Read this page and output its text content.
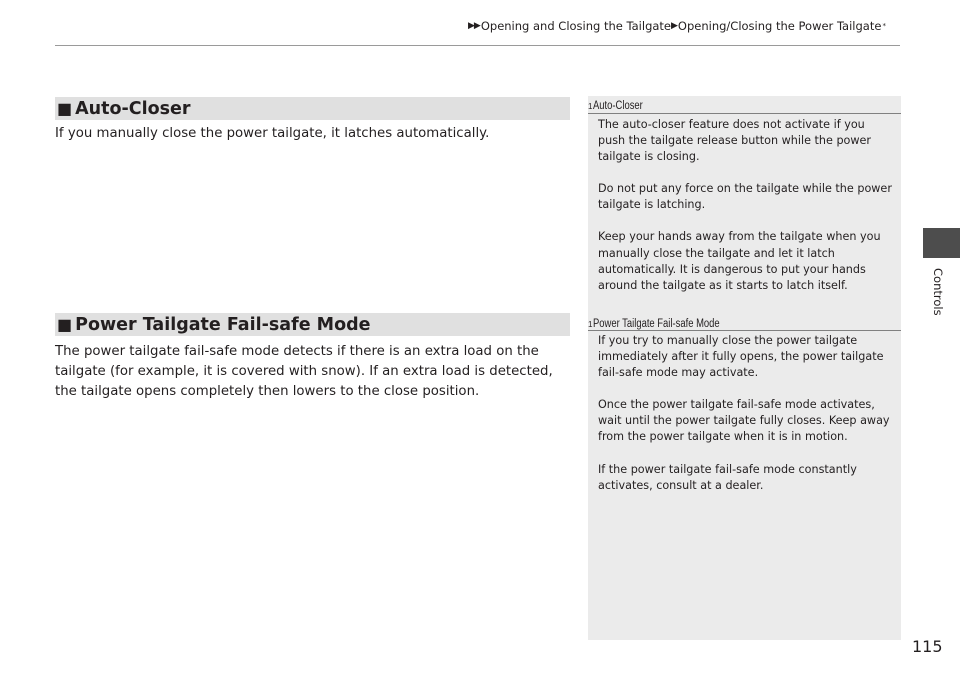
▶▶ Opening and Closing the Tailgate ▶ Opening/Closing the Power Tailgate *
■ Auto-Closer

If you manually close the power tailgate, it latches automatically.

■ Power Tailgate Fail-safe Mode

The power tailgate fail-safe mode detects if there is an extra load on the tailgate (for example, it is covered with snow). If an extra load is detected, the tailgate opens completely then lowers to the close position.

1 Auto-Closer

The auto-closer feature does not activate if you push the tailgate release button while the power tailgate is closing.

Do not put any force on the tailgate while the power tailgate is latching.

Keep your hands away from the tailgate when you manually close the tailgate and let it latch automatically. It is dangerous to put your hands around the tailgate as it starts to latch itself.

1 Power Tailgate Fail-safe Mode

If you try to manually close the power tailgate immediately after it fully opens, the power tailgate fail-safe mode may activate.

Once the power tailgate fail-safe mode activates, wait until the power tailgate fully closes. Keep away from the power tailgate when it is in motion.

If the power tailgate fail-safe mode constantly activates, consult at a dealer.

Controls
115
